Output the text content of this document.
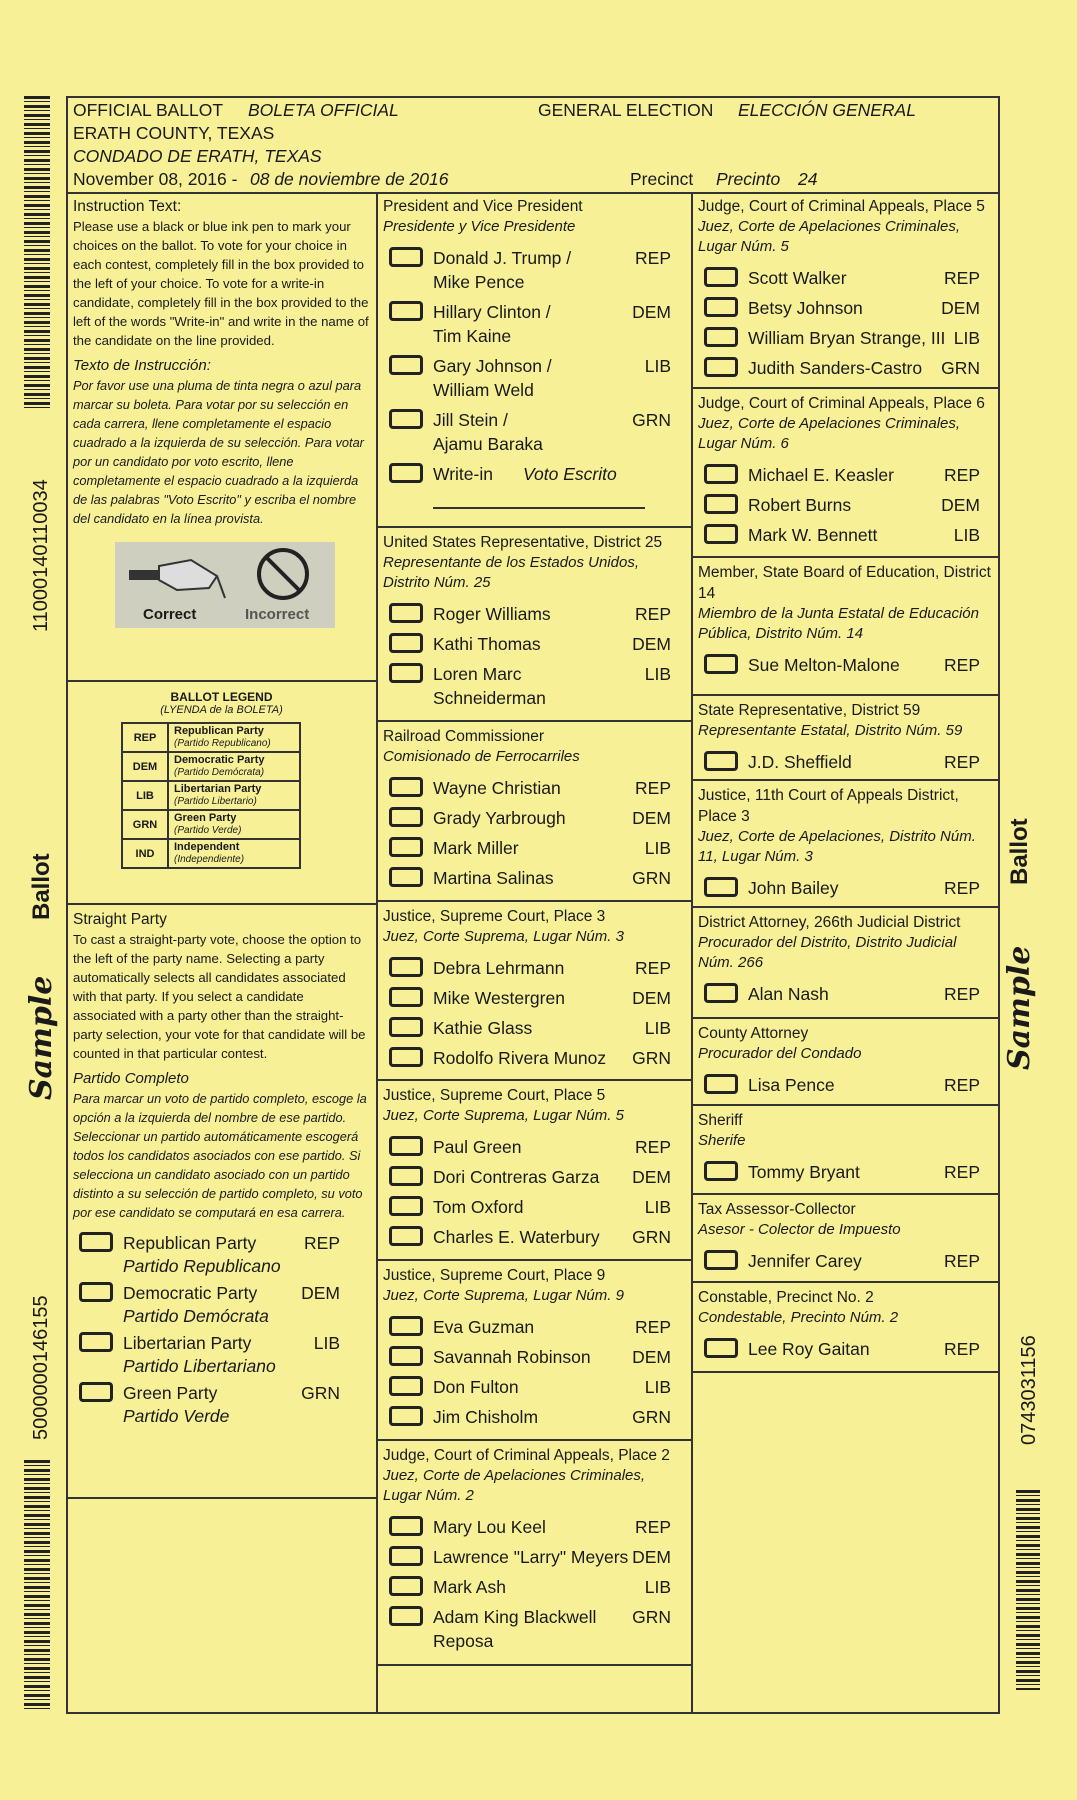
11000140110034
5000000146155	0743031156
Sample
Ballot
Sample
Ballot
OFFICIAL BALLOT BOLETA OFFICIAL	GENERAL ELECTION ELECCIÓN GENERAL
ERATH COUNTY, TEXAS
CONDADO DE ERATH, TEXAS
November 08, 2016 - 08 de noviembre de 2016	Precinct Precinto 24
Instruction Text:
Please use a black or blue ink pen to mark your choices on the ballot. To vote for your choice in each contest, completely fill in the box provided to the left of your choice. To vote for a write-in candidate, completely fill in the box provided to the left of the words "Write-in" and write in the name of the candidate on the line provided.
Texto de Instrucción:
Por favor use una pluma de tinta negra o azul para marcar su boleta. Para votar por su selección en cada carrera, llene completamente el espacio cuadrado a la izquierda de su selección. Para votar por un candidato por voto escrito, llene completamente el espacio cuadrado a la izquierda de las palabras "Voto Escrito" y escriba el nombre del candidato en la línea provista.
Correct	Incorrect
BALLOT LEGEND
(LYENDA de la BOLETA)
REP	Republican Party
(Partido Republicano)
DEM	Democratic Party
(Partido Demócrata)
LIB	Libertarian Party
(Partido Libertario)
GRN	Green Party
(Partido Verde)
IND	Independent
(Independiente)
Straight Party
To cast a straight-party vote, choose the option to the left of the party name. Selecting a party automatically selects all candidates associated with that party. If you select a candidate associated with a party other than the straight-party selection, your vote for that candidate will be counted in that particular contest.
Partido Completo
Para marcar un voto de partido completo, escoge la opción a la izquierda del nombre de ese partido. Seleccionar un partido automáticamente escogerá todos los candidatos asociados con ese partido. Si selecciona un candidato asociado con un partido distinto a su selección de partido completo, su voto por ese candidato se computará en esa carrera.
Republican Party
Partido Republicano
REP
Democratic Party
Partido Demócrata
DEM
Libertarian Party
Partido Libertariano
LIB
Green Party
Partido Verde
GRN
President and Vice President
Presidente y Vice Presidente
Donald J. Trump /
Mike Pence
REP
Hillary Clinton /
Tim Kaine
DEM
Gary Johnson /
William Weld
LIB
Jill Stein /
Ajamu Baraka
GRN
Write-in Voto Escrito
United States Representative, District 25
Representante de los Estados Unidos, Distrito Núm. 25
Roger Williams	REP
Kathi Thomas	DEM
Loren Marc
Schneiderman
LIB
Railroad Commissioner
Comisionado de Ferrocarriles
Wayne Christian	REP
Grady Yarbrough	DEM
Mark Miller	LIB
Martina Salinas	GRN
Justice, Supreme Court, Place 3
Juez, Corte Suprema, Lugar Núm. 3
Debra Lehrmann	REP
Mike Westergren	DEM
Kathie Glass	LIB
Rodolfo Rivera Munoz GRN
Justice, Supreme Court, Place 5
Juez, Corte Suprema, Lugar Núm. 5
Paul Green	REP
Dori Contreras Garza DEM
Tom Oxford	LIB
Charles E. Waterbury GRN
Justice, Supreme Court, Place 9
Juez, Corte Suprema, Lugar Núm. 9
Eva Guzman	REP
Savannah Robinson DEM
Don Fulton	LIB
Jim Chisholm	GRN
Judge, Court of Criminal Appeals, Place 2
Juez, Corte de Apelaciones Criminales, Lugar Núm. 2
Mary Lou Keel	REP
Lawrence "Larry" Meyers DEM
Mark Ash	LIB
Adam King Blackwell
Reposa
GRN
Judge, Court of Criminal Appeals, Place 5
Juez, Corte de Apelaciones Criminales, Lugar Núm. 5
Scott Walker	REP
Betsy Johnson	DEM
William Bryan Strange, III LIB
Judith Sanders-Castro GRN
Judge, Court of Criminal Appeals, Place 6
Juez, Corte de Apelaciones Criminales, Lugar Núm. 6
Michael E. Keasler	REP
Robert Burns	DEM
Mark W. Bennett	LIB
Member, State Board of Education, District 14
Miembro de la Junta Estatal de Educación Pública, Distrito Núm. 14
Sue Melton-Malone	REP
State Representative, District 59
Representante Estatal, Distrito Núm. 59
J.D. Sheffield	REP
Justice, 11th Court of Appeals District, Place 3
Juez, Corte de Apelaciones, Distrito Núm. 11, Lugar Núm. 3
John Bailey	REP
District Attorney, 266th Judicial District
Procurador del Distrito, Distrito Judicial Núm. 266
Alan Nash	REP
County Attorney
Procurador del Condado
Lisa Pence	REP
Sheriff
Sherife
Tommy Bryant	REP
Tax Assessor-Collector
Asesor - Colector de Impuesto
Jennifer Carey	REP
Constable, Precinct No. 2
Condestable, Precinto Núm. 2
Lee Roy Gaitan	REP
